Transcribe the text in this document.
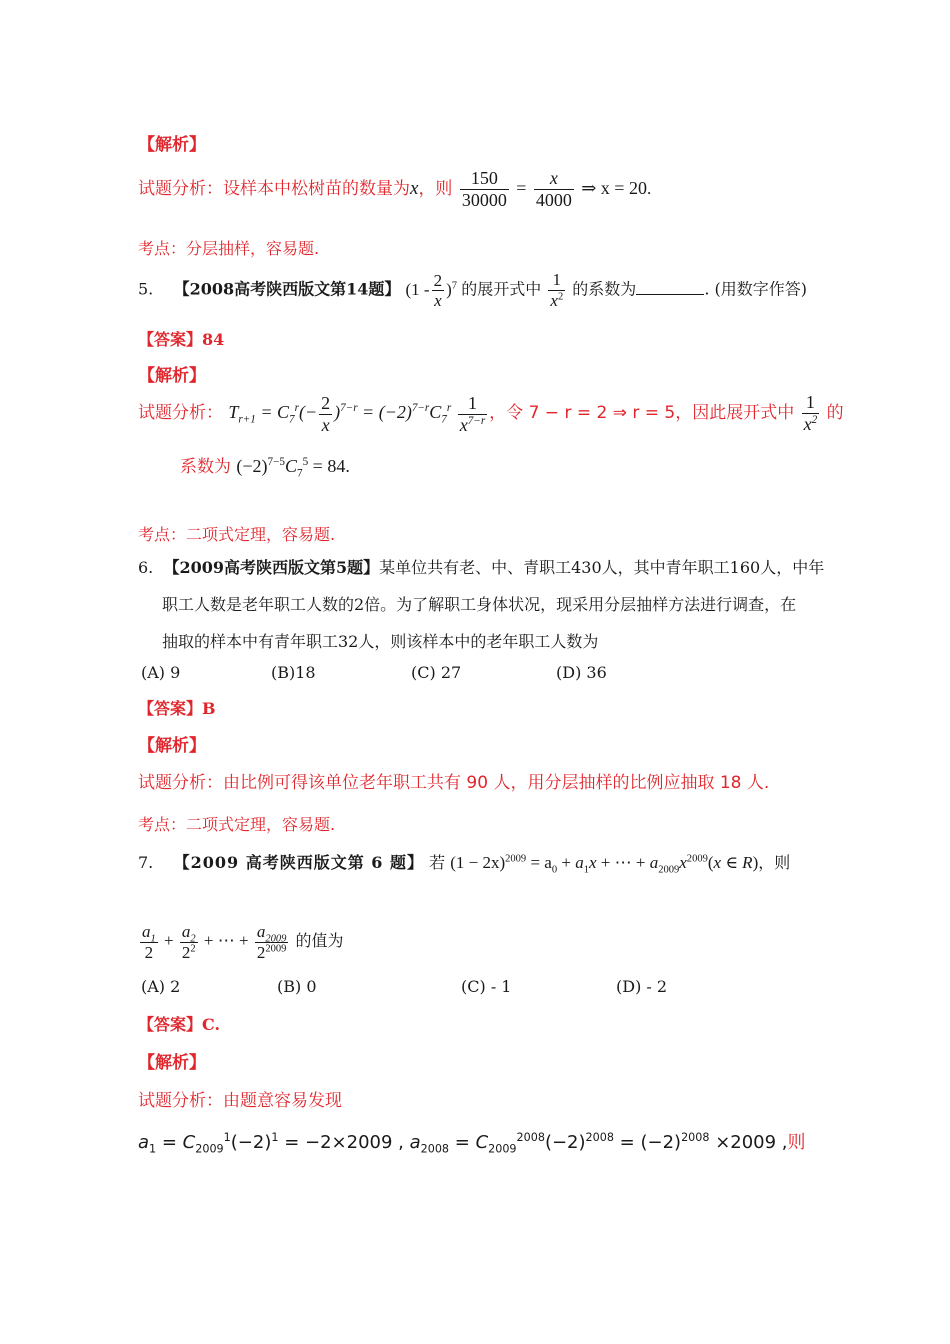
【解析】
试题分析：设样本中松树苗的数量为x，则 $\frac{150}{30000} = \frac{x}{4000}$ ⇒ x = 20.
考点：分层抽样，容易题.
5. 【2008高考陕西版文第14题】 $(1 - \frac{2}{x} )^7$ 的展开式中 $\frac{1}{x^2}$ 的系数为	. (用数字作答)
【答案】84
【解析】
试题分析： $T_{r+1} = C_7^r(- \frac{2}{x} )^{7-r} = (-2)^{7-r}C_7^r \frac{1}{x^{7-r}}$ ，令 7 − r = 2 ⇒ r = 5，因此展开式中 $\frac{1}{x^2}$ 的
系数为 $(-2)^{7-5}C_7^5 = 84$.
考点：二项式定理，容易题.
6. 【2009高考陕西版文第5题】某单位共有老、中、青职工430人，其中青年职工160人，中年
职工人数是老年职工人数的2倍。为了解职工身体状况，现采用分层抽样方法进行调查，在
抽取的样本中有青年职工32人，则该样本中的老年职工人数为
(A) 9	(B)18	(C) 27	(D) 36
【答案】B
【解析】
试题分析：由比例可得该单位老年职工共有 90 人，用分层抽样的比例应抽取 18 人.
考点：二项式定理，容易题.
7. 【2009 高考陕西版文第 6 题】 若 $(1 - 2x)^{2009} = a_0 + a_1x$ + ⋯ + $a_{2009}x^{2009}(x$ ∈ R)，则
$\frac{a_1}{2} + \frac{a_2}{2^2}$ + ⋯ + $\frac{a_{2009}}{2^{2009}}$ 的值为
(A) 2	(B) 0	(C) - 1	(D) - 2
【答案】C.
【解析】
试题分析：由题意容易发现
$a_1 = C_{2009}^1(-2)^1 = -2\times 2009$ , $a_{2008} = C_{2009}^{2008}(-2)^{2008} = (-2)^{2008} \times 2009$ ,则
